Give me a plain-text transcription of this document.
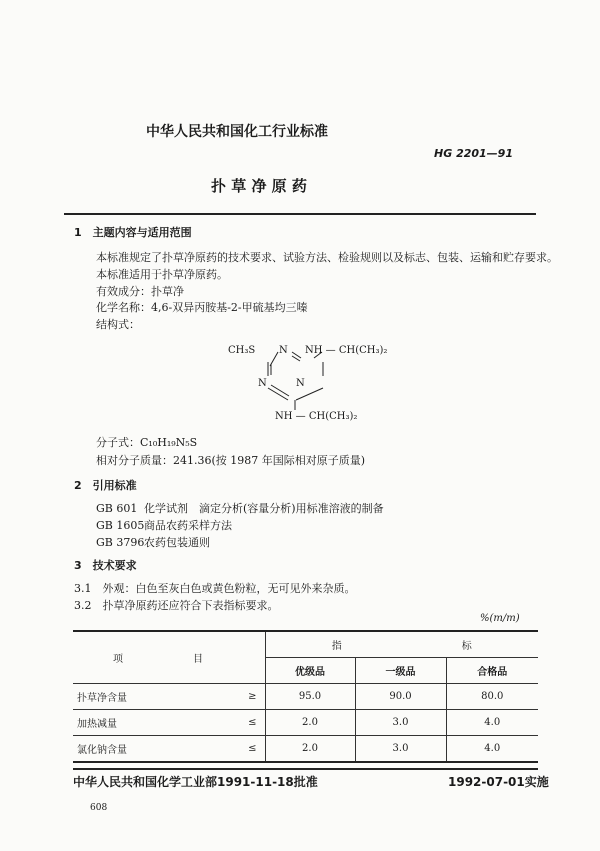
中华人民共和国化工行业标准
HG 2201—91
扑 草 净 原 药
1　主题内容与适用范围
本标准规定了扑草净原药的技术要求、试验方法、检验规则以及标志、包装、运输和贮存要求。
本标准适用于扑草净原药。
有效成分：扑草净
化学名称：4,6-双异丙胺基-2-甲硫基均三嗪
结构式：
CH₃S N
N	N
NH — CH(CH₃)₂
NH — CH(CH₃)₂
分子式：C₁₀H₁₉N₅S
相对分子质量：241.36(按 1987 年国际相对原子质量)
2　引用标准
GB 601 化学试剂　滴定分析(容量分析)用标准溶液的制备
GB 1605商品农药采样方法
GB 3796农药包装通则
3　技术要求
3.1　外观：白色至灰白色或黄色粉粒，无可见外来杂质。
3.2　扑草净原药还应符合下表指标要求。
%(m/m)
项 目		指 标		
		优级品	一级品	合格品
扑草净含量	≥	95.0	90.0	80.0
加热减量	≤	2.0	3.0	4.0
氯化钠含量	≤	2.0	3.0	4.0
中华人民共和国化学工业部1991-11-18批准	1992-07-01实施
608
